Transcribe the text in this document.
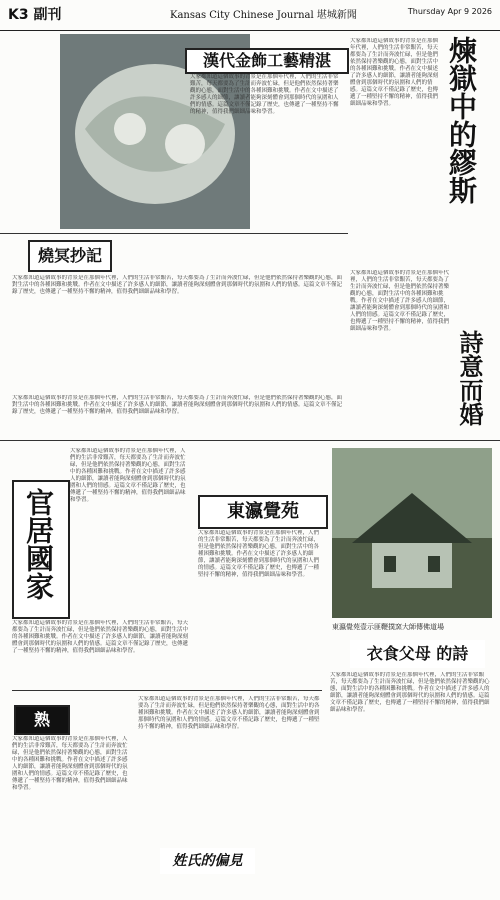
K3 副刊	Kansas City Chinese Journal 堪城新聞	Thursday Apr 9 2026
漢代金飾工藝精湛
大家都知道這個故事的背景是在那個年代裡，人們的生活非常艱苦，每天都要為了生計而奔波忙碌，但是他們依然保持著樂觀的心態，面對生活中的各種困難和挑戰。作者在文中描述了許多感人的細節，讓讀者能夠深刻體會到那個時代的氛圍和人們的情感。這篇文章不僅記錄了歷史，也傳遞了一種堅持不懈的精神，值得我們細細品味和學習。
大家都知道這個故事的背景是在那個年代裡，人們的生活非常艱苦，每天都要為了生計而奔波忙碌，但是他們依然保持著樂觀的心態，面對生活中的各種困難和挑戰。作者在文中描述了許多感人的細節，讓讀者能夠深刻體會到那個時代的氛圍和人們的情感。這篇文章不僅記錄了歷史，也傳遞了一種堅持不懈的精神，值得我們細細品味和學習。	煉獄中的繆斯
燒冥抄記
大家都知道這個故事的背景是在那個年代裡，人們的生活非常艱苦，每天都要為了生計而奔波忙碌，但是他們依然保持著樂觀的心態，面對生活中的各種困難和挑戰。作者在文中描述了許多感人的細節，讓讀者能夠深刻體會到那個時代的氛圍和人們的情感。這篇文章不僅記錄了歷史，也傳遞了一種堅持不懈的精神，值得我們細細品味和學習。
大家都知道這個故事的背景是在那個年代裡，人們的生活非常艱苦，每天都要為了生計而奔波忙碌，但是他們依然保持著樂觀的心態，面對生活中的各種困難和挑戰。作者在文中描述了許多感人的細節，讓讀者能夠深刻體會到那個時代的氛圍和人們的情感。這篇文章不僅記錄了歷史，也傳遞了一種堅持不懈的精神，值得我們細細品味和學習。
大家都知道這個故事的背景是在那個年代裡，人們的生活非常艱苦，每天都要為了生計而奔波忙碌，但是他們依然保持著樂觀的心態，面對生活中的各種困難和挑戰。作者在文中描述了許多感人的細節，讓讀者能夠深刻體會到那個時代的氛圍和人們的情感。這篇文章不僅記錄了歷史，也傳遞了一種堅持不懈的精神，值得我們細細品味和學習。
詩意而婚
官居國家
大家都知道這個故事的背景是在那個年代裡，人們的生活非常艱苦，每天都要為了生計而奔波忙碌，但是他們依然保持著樂觀的心態，面對生活中的各種困難和挑戰。作者在文中描述了許多感人的細節，讓讀者能夠深刻體會到那個時代的氛圍和人們的情感。這篇文章不僅記錄了歷史，也傳遞了一種堅持不懈的精神，值得我們細細品味和學習。
大家都知道這個故事的背景是在那個年代裡，人們的生活非常艱苦，每天都要為了生計而奔波忙碌，但是他們依然保持著樂觀的心態，面對生活中的各種困難和挑戰。作者在文中描述了許多感人的細節，讓讀者能夠深刻體會到那個時代的氛圍和人們的情感。這篇文章不僅記錄了歷史，也傳遞了一種堅持不懈的精神，值得我們細細品味和學習。
東瀛覺苑
大家都知道這個故事的背景是在那個年代裡，人們的生活非常艱苦，每天都要為了生計而奔波忙碌，但是他們依然保持著樂觀的心態，面對生活中的各種困難和挑戰。作者在文中描述了許多感人的細節，讓讀者能夠深刻體會到那個時代的氛圍和人們的情感。這篇文章不僅記錄了歷史，也傳遞了一種堅持不懈的精神，值得我們細細品味和學習。
東瀛覺苑壹示匪鞭撲窯大師傳佛道場
衣食父母 的詩
大家都知道這個故事的背景是在那個年代裡，人們的生活非常艱苦，每天都要為了生計而奔波忙碌，但是他們依然保持著樂觀的心態，面對生活中的各種困難和挑戰。作者在文中描述了許多感人的細節，讓讀者能夠深刻體會到那個時代的氛圍和人們的情感。這篇文章不僅記錄了歷史，也傳遞了一種堅持不懈的精神，值得我們細細品味和學習。
熟
大家都知道這個故事的背景是在那個年代裡，人們的生活非常艱苦，每天都要為了生計而奔波忙碌，但是他們依然保持著樂觀的心態，面對生活中的各種困難和挑戰。作者在文中描述了許多感人的細節，讓讀者能夠深刻體會到那個時代的氛圍和人們的情感。這篇文章不僅記錄了歷史，也傳遞了一種堅持不懈的精神，值得我們細細品味和學習。
大家都知道這個故事的背景是在那個年代裡，人們的生活非常艱苦，每天都要為了生計而奔波忙碌，但是他們依然保持著樂觀的心態，面對生活中的各種困難和挑戰。作者在文中描述了許多感人的細節，讓讀者能夠深刻體會到那個時代的氛圍和人們的情感。這篇文章不僅記錄了歷史，也傳遞了一種堅持不懈的精神，值得我們細細品味和學習。
姓氏的偏見
